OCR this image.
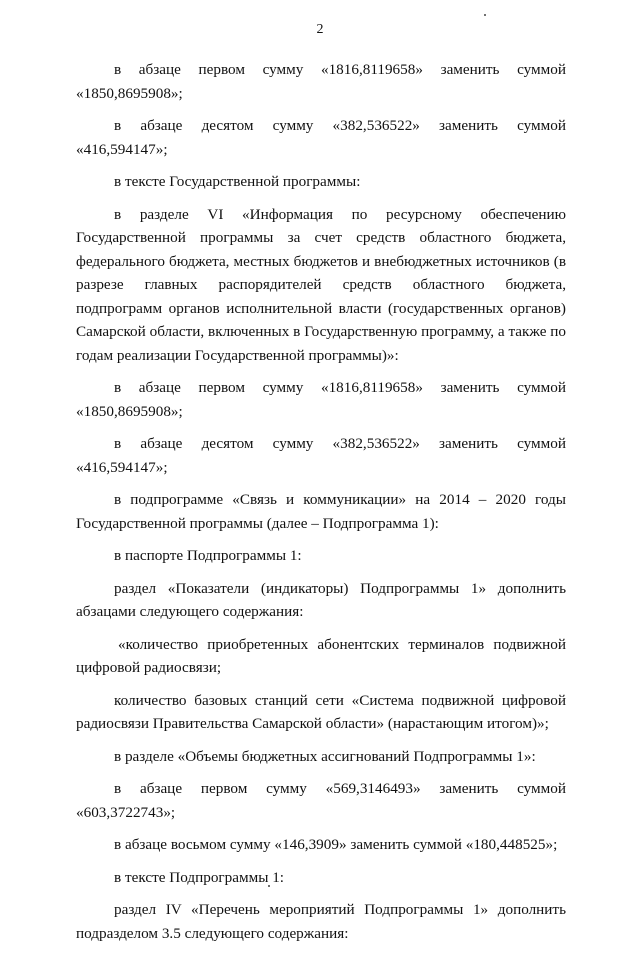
2

в абзаце первом сумму «1816,8119658» заменить суммой «1850,8695908»;

в абзаце десятом сумму «382,536522» заменить суммой «416,594147»;

в тексте Государственной программы:

в разделе VI «Информация по ресурсному обеспечению Государственной программы за счет средств областного бюджета, федерального бюджета, местных бюджетов и внебюджетных источников (в разрезе главных распорядителей средств областного бюджета, подпрограмм органов исполнительной власти (государственных органов) Самарской области, включенных в Государственную программу, а также по годам реализации Государственной программы)»:

в абзаце первом сумму «1816,8119658» заменить суммой «1850,8695908»;

в абзаце десятом сумму «382,536522» заменить суммой «416,594147»;

в подпрограмме «Связь и коммуникации» на 2014 – 2020 годы Государственной программы (далее – Подпрограмма 1):

в паспорте Подпрограммы 1:

раздел «Показатели (индикаторы) Подпрограммы 1» дополнить абзацами следующего содержания:

«количество приобретенных абонентских терминалов подвижной цифровой радиосвязи;

количество базовых станций сети «Система подвижной цифровой радиосвязи Правительства Самарской области» (нарастающим итогом)»;

в разделе «Объемы бюджетных ассигнований Подпрограммы 1»:

в абзаце первом сумму «569,3146493» заменить суммой «603,3722743»;

в абзаце восьмом сумму «146,3909» заменить суммой «180,448525»;

в тексте Подпрограммы 1:

раздел IV «Перечень мероприятий Подпрограммы 1» дополнить подразделом 3.5 следующего содержания:
